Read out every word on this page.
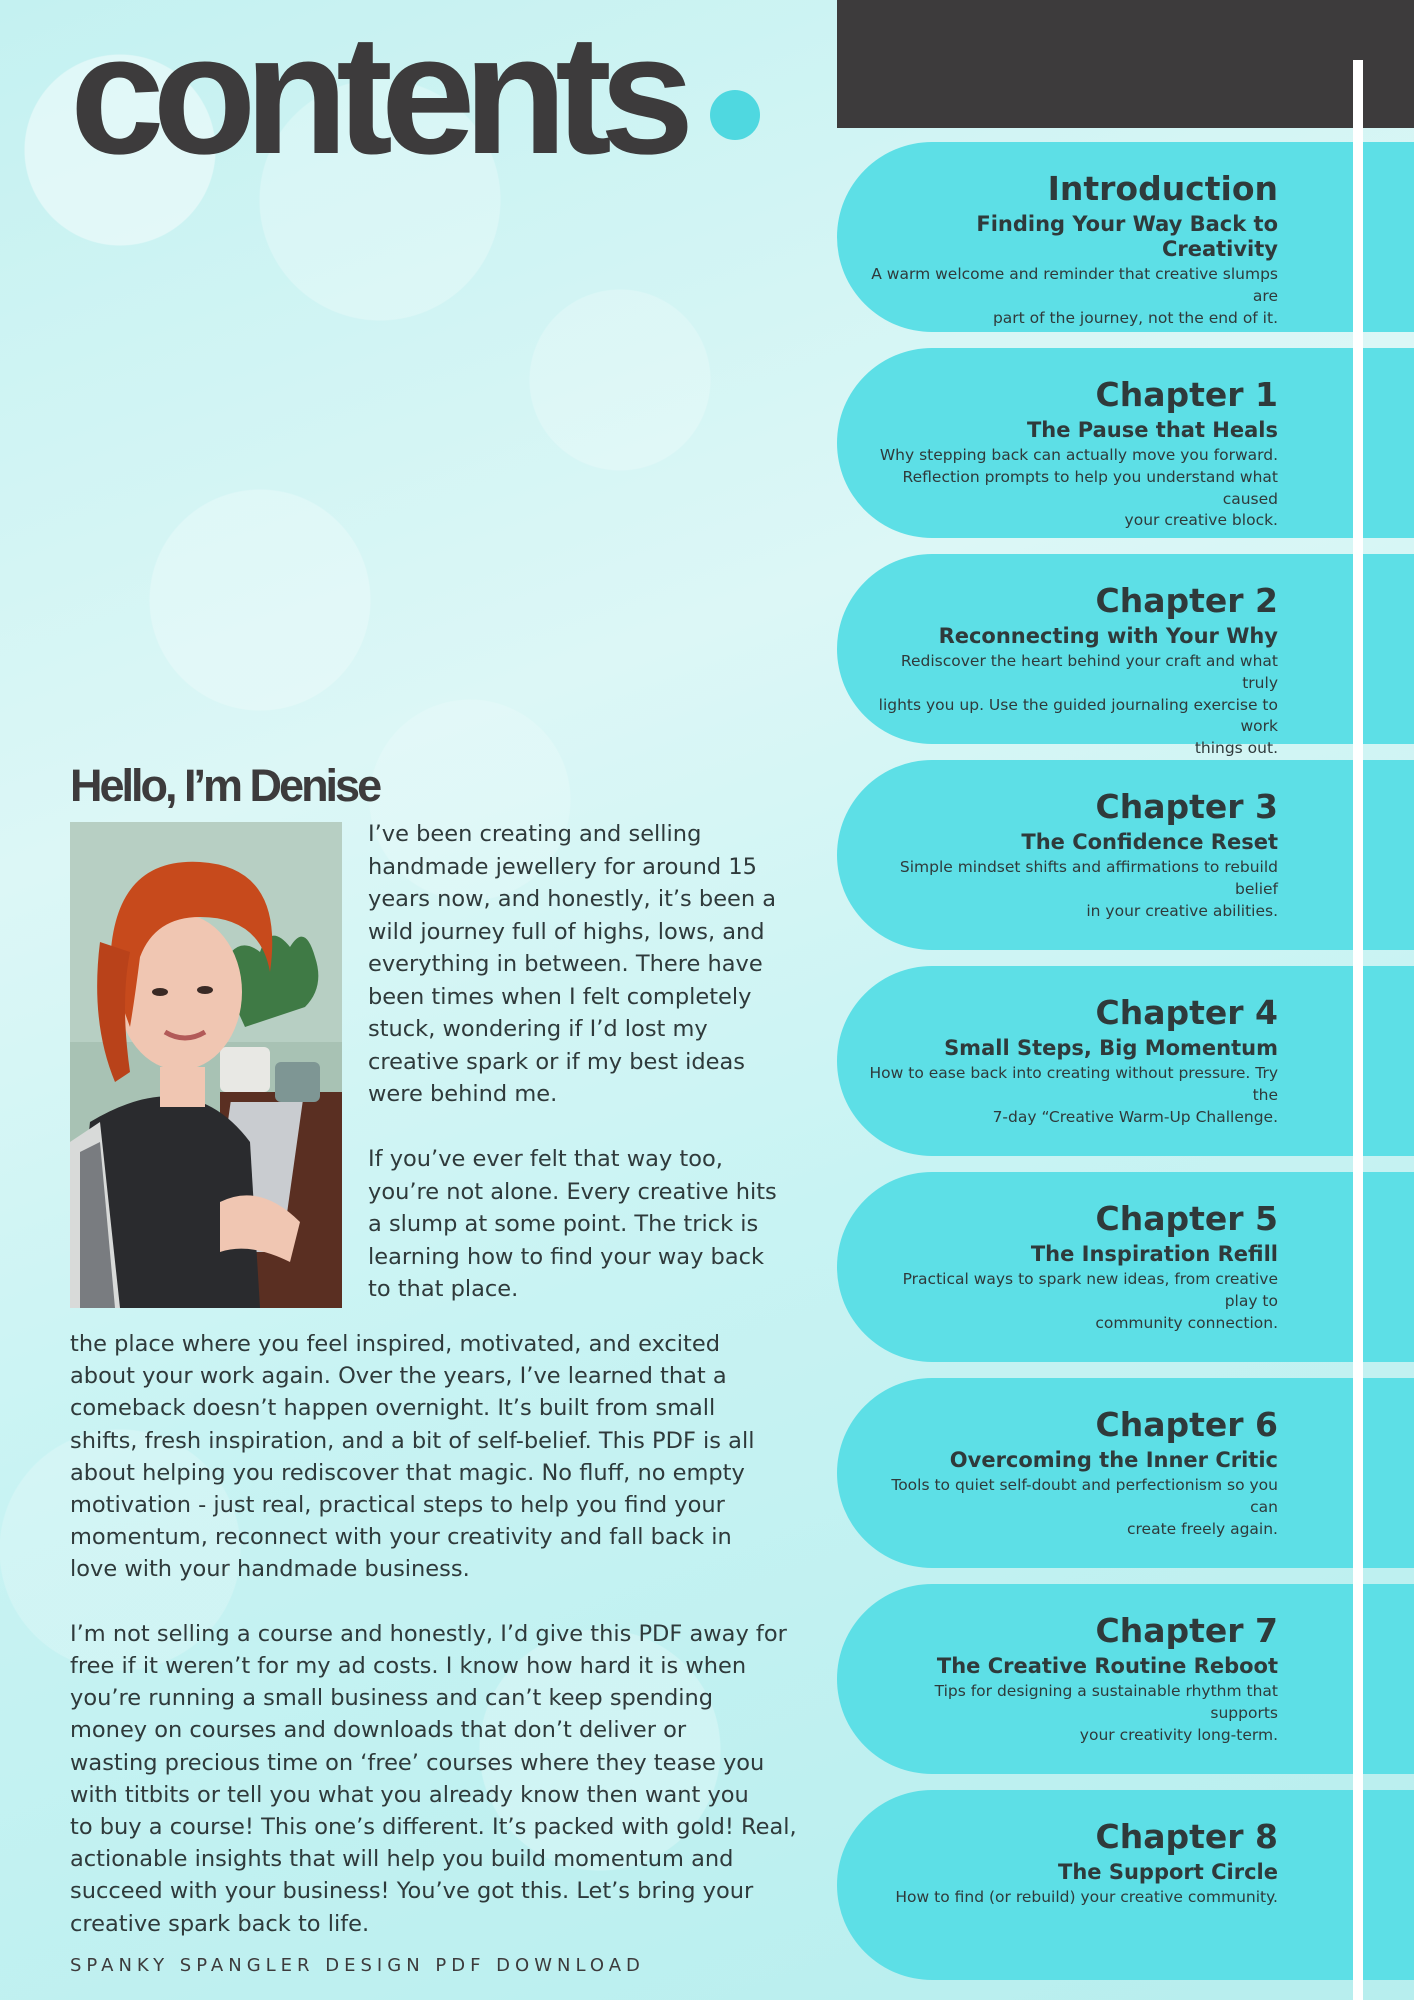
contents	Introduction
Finding Your Way Back to Creativity

A warm welcome and reminder that creative slumps are
part of the journey, not the end of it.

Chapter 1
The Pause that Heals

Why stepping back can actually move you forward.
Reflection prompts to help you understand what caused
your creative block.

Chapter 2
Reconnecting with Your Why

Rediscover the heart behind your craft and what truly
lights you up. Use the guided journaling exercise to work
things out.

Chapter 3
The Confidence Reset

Simple mindset shifts and affirmations to rebuild belief
in your creative abilities.

Chapter 4
Small Steps, Big Momentum

How to ease back into creating without pressure. Try the
7-day “Creative Warm-Up Challenge.

Chapter 5
The Inspiration Refill

Practical ways to spark new ideas, from creative play to
community connection.

Chapter 6
Overcoming the Inner Critic

Tools to quiet self-doubt and perfectionism so you can
create freely again.

Chapter 7
The Creative Routine Reboot

Tips for designing a sustainable rhythm that supports
your creativity long-term.

Chapter 8
The Support Circle

How to find (or rebuild) your creative community.

Hello, I’m Denise
I’ve been creating and selling
handmade jewellery for around 15
years now, and honestly, it’s been a
wild journey full of highs, lows, and
everything in between. There have
been times when I felt completely
stuck, wondering if I’d lost my
creative spark or if my best ideas
were behind me.

If you’ve ever felt that way too,
you’re not alone. Every creative hits
a slump at some point. The trick is
learning how to find your way back
to that place.
the place where you feel inspired, motivated, and excited
about your work again. Over the years, I’ve learned that a
comeback doesn’t happen overnight. It’s built from small
shifts, fresh inspiration, and a bit of self-belief. This PDF is all
about helping you rediscover that magic. No fluff, no empty
motivation - just real, practical steps to help you find your
momentum, reconnect with your creativity and fall back in
love with your handmade business.

I’m not selling a course and honestly, I’d give this PDF away for
free if it weren’t for my ad costs. I know how hard it is when
you’re running a small business and can’t keep spending
money on courses and downloads that don’t deliver or
wasting precious time on ‘free’ courses where they tease you
with titbits or tell you what you already know then want you
to buy a course! This one’s different. It’s packed with gold! Real,
actionable insights that will help you build momentum and
succeed with your business! You’ve got this. Let’s bring your
creative spark back to life.
SPANKY SPANGLER DESIGN PDF DOWNLOAD
